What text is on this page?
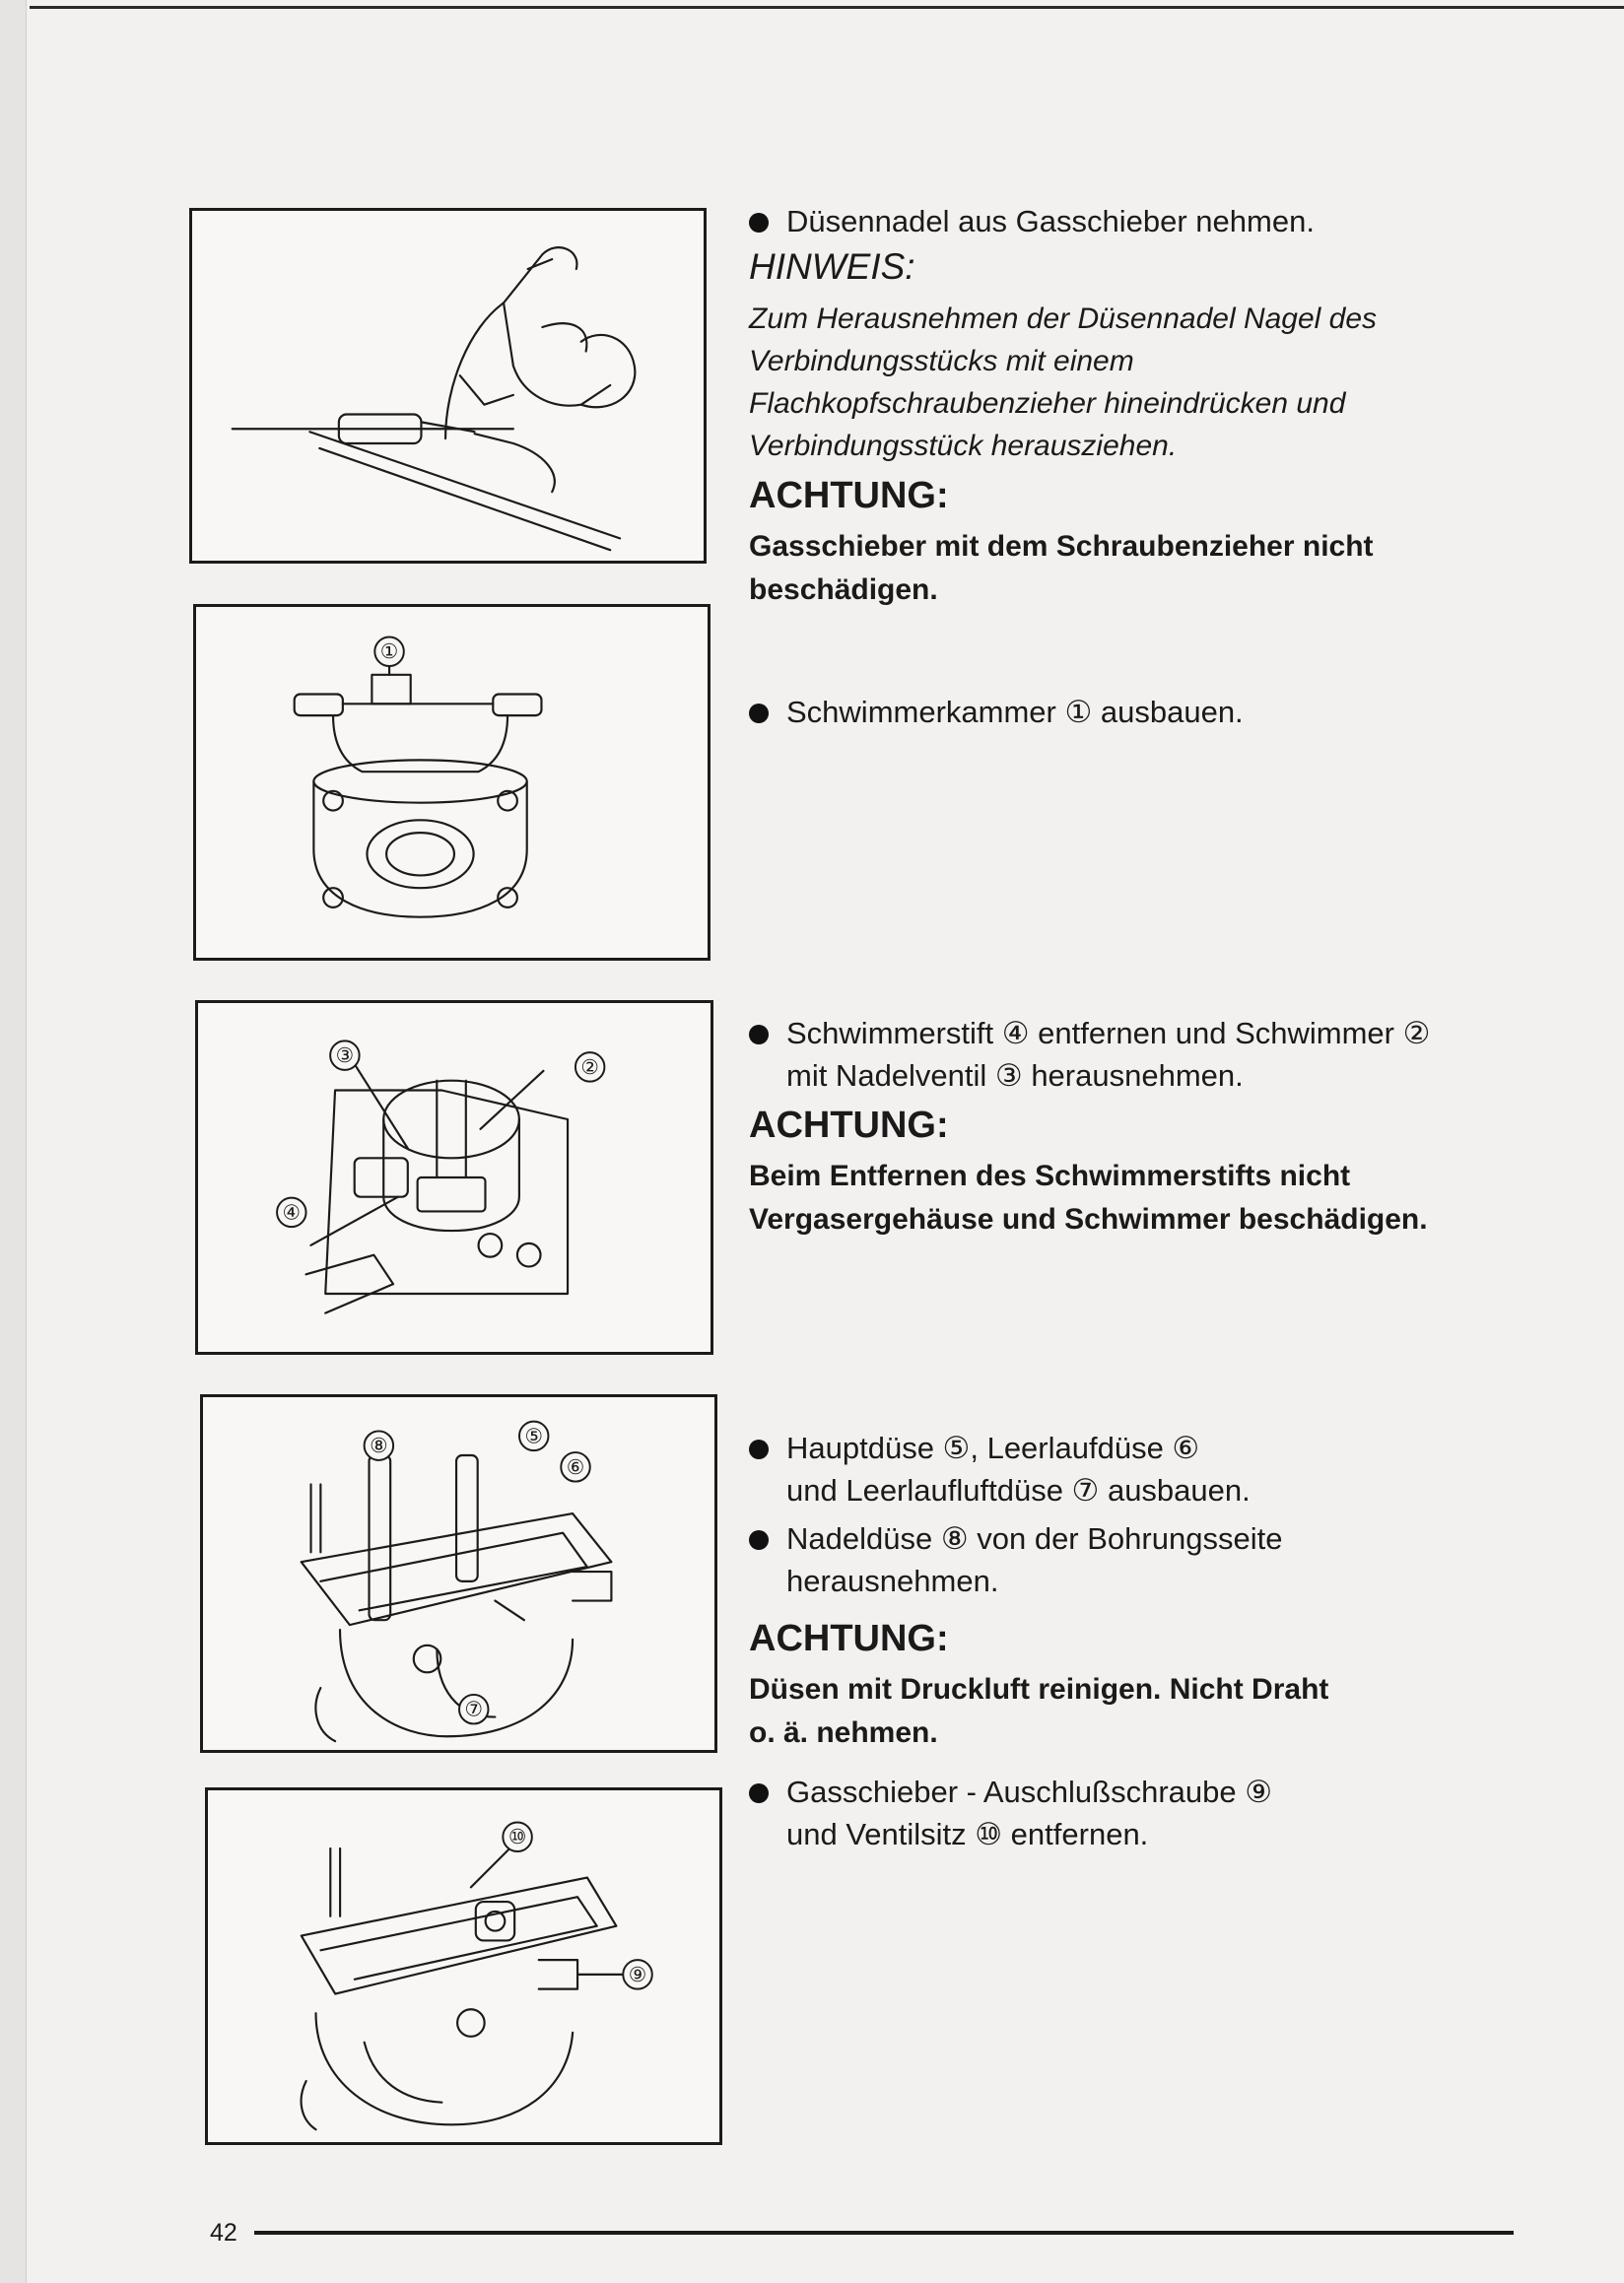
①
③	②
④
⑧	⑤
⑥
⑦
⑩
⑨
Düsennadel aus Gasschieber nehmen.
HINWEIS:
Zum Herausnehmen der Düsennadel Nagel des
Verbindungsstücks mit einem
Flachkopfschraubenzieher hineindrücken und
Verbindungsstück herausziehen.
ACHTUNG:
Gasschieber mit dem Schraubenzieher nicht
beschädigen.
Schwimmerkammer ① ausbauen.
Schwimmerstift ④ entfernen und Schwimmer ②
mit Nadelventil ③ herausnehmen.
ACHTUNG:
Beim Entfernen des Schwimmerstifts nicht
Vergasergehäuse und Schwimmer beschädigen.
Hauptdüse ⑤, Leerlaufdüse ⑥
und Leerlaufluftdüse ⑦ ausbauen.
Nadeldüse ⑧ von der Bohrungsseite
herausnehmen.
ACHTUNG:
Düsen mit Druckluft reinigen. Nicht Draht
o. ä. nehmen.
Gasschieber - Auschlußschraube ⑨
und Ventilsitz ⑩ entfernen.
42
